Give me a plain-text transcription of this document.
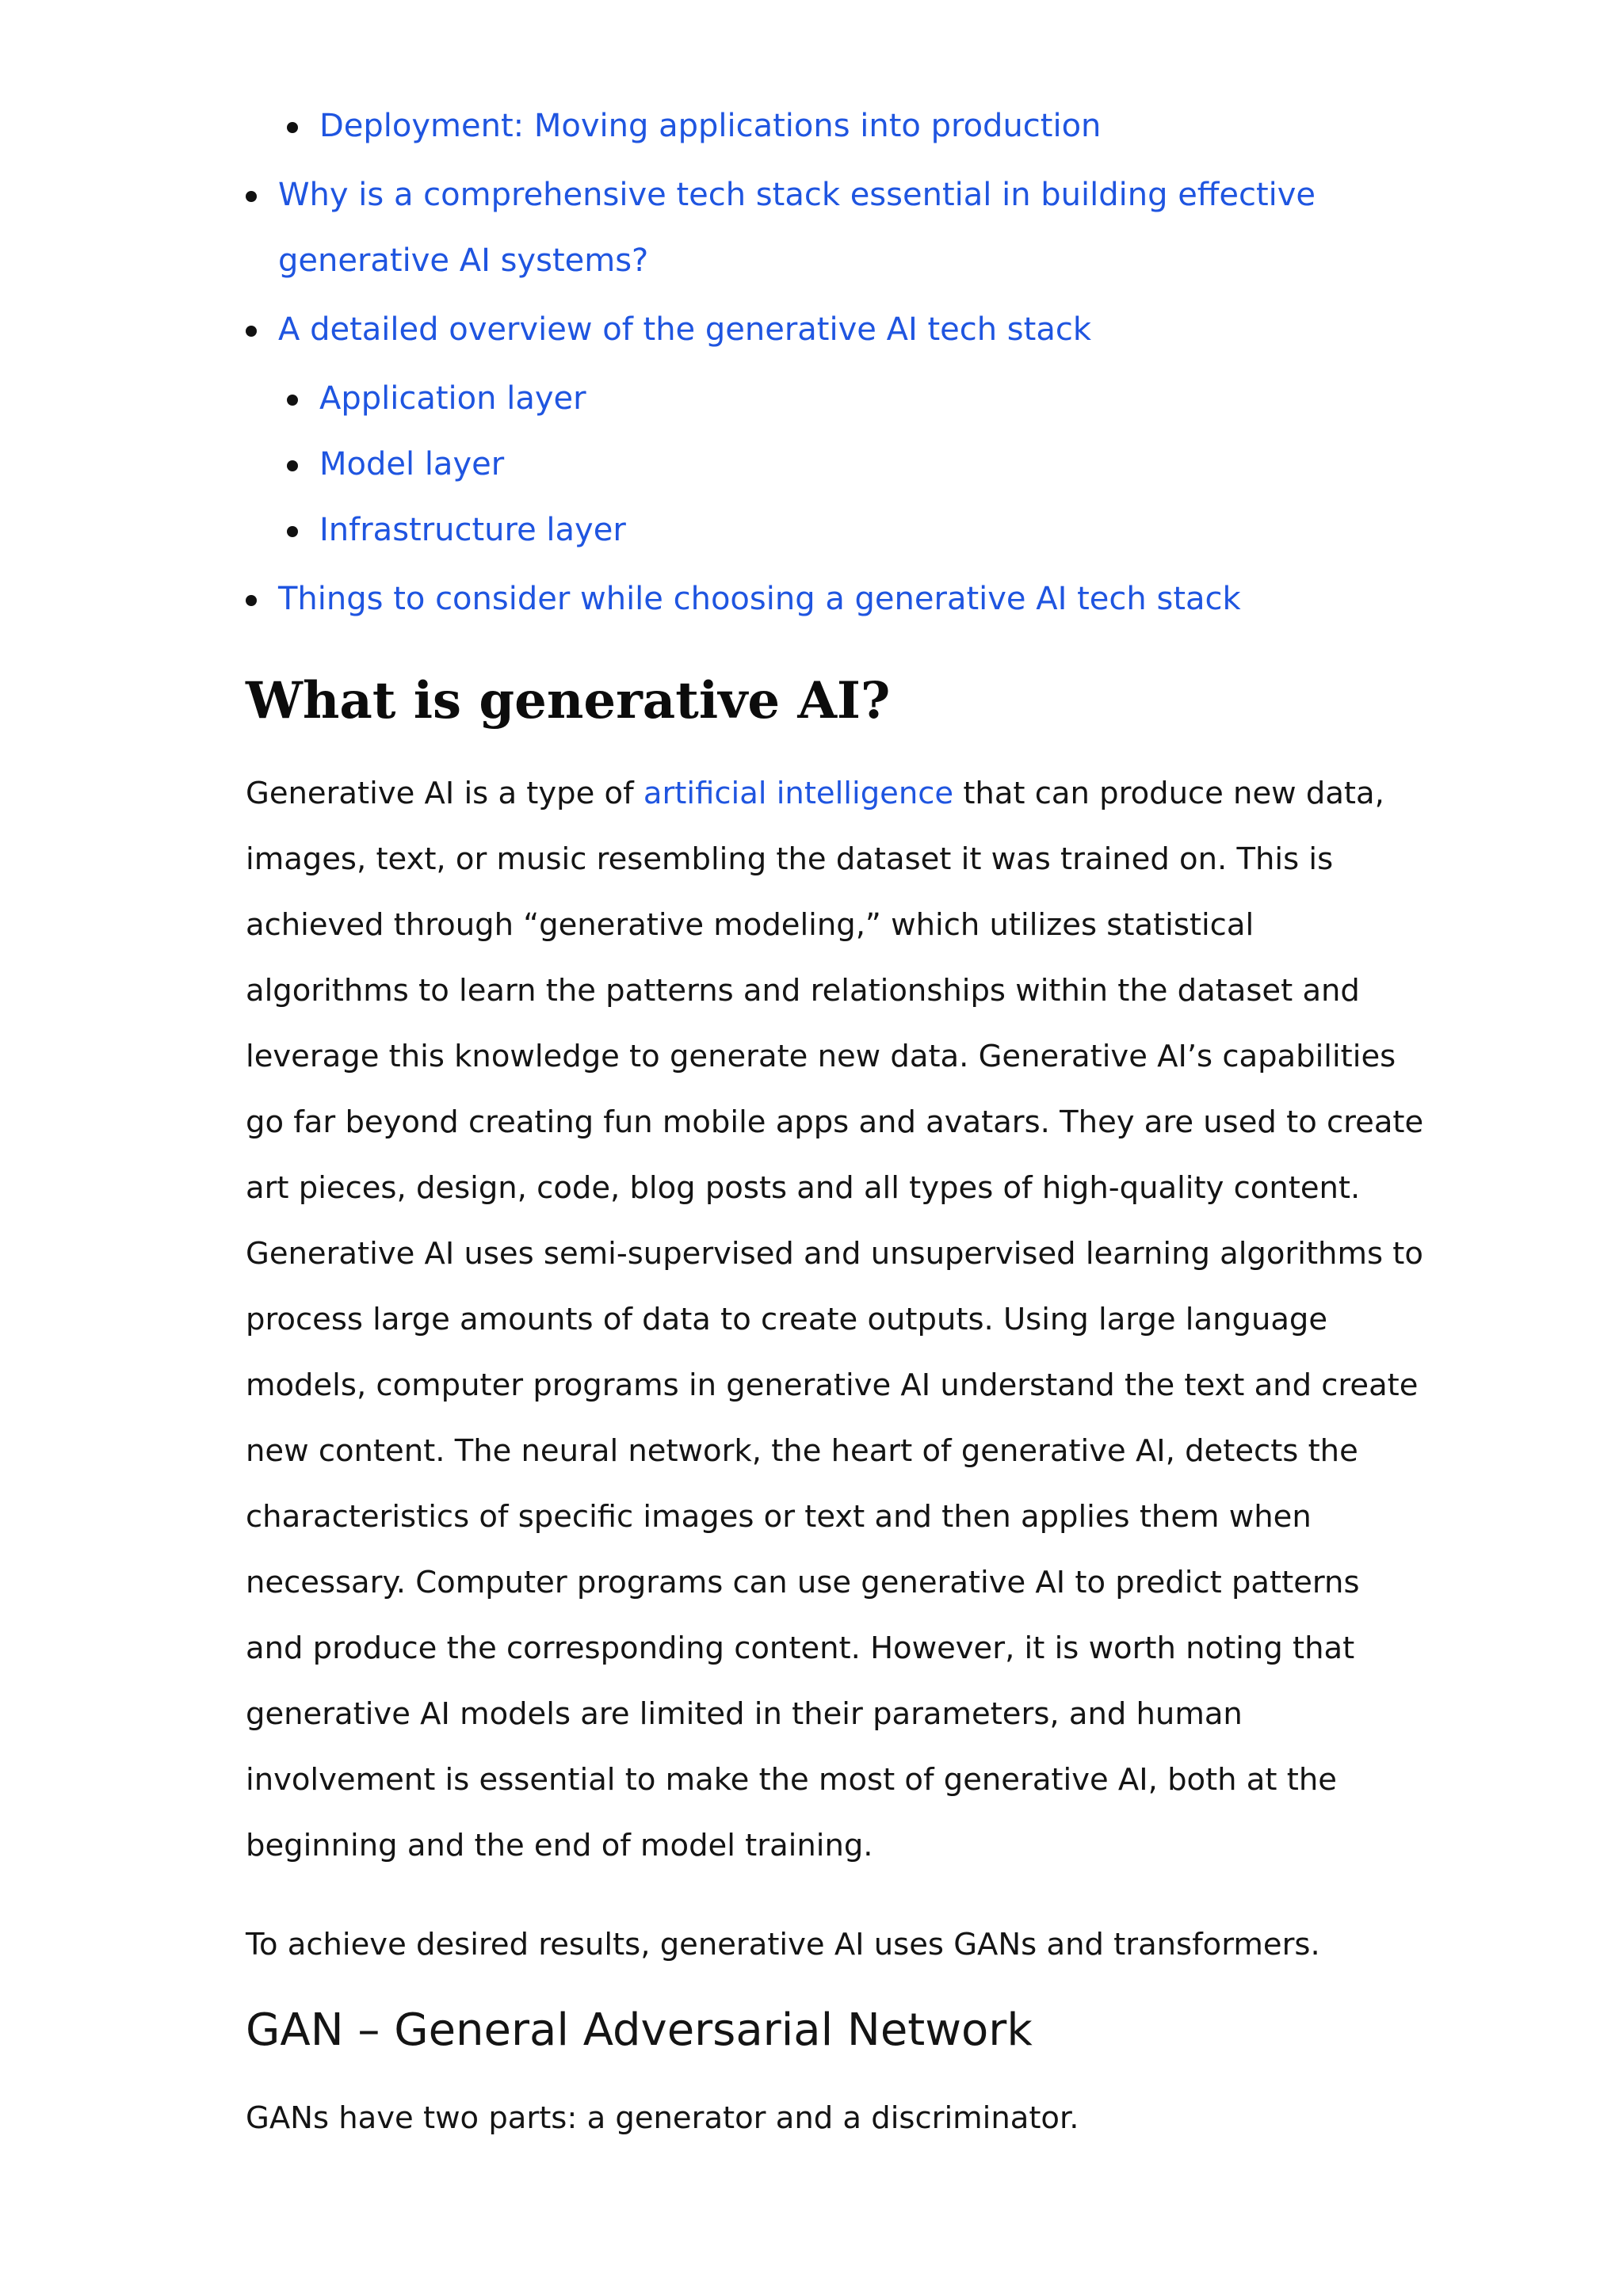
Deployment: Moving applications into production
Why is a comprehensive tech stack essential in building effective generative AI systems?
A detailed overview of the generative AI tech stack
Application layer
Model layer
Infrastructure layer
Things to consider while choosing a generative AI tech stack
What is generative AI?

Generative AI is a type of artificial intelligence that can produce new data, images, text, or music resembling the dataset it was trained on. This is achieved through “generative modeling,” which utilizes statistical algorithms to learn the patterns and relationships within the dataset and leverage this knowledge to generate new data. Generative AI’s capabilities go far beyond creating fun mobile apps and avatars. They are used to create art pieces, design, code, blog posts and all types of high-quality content. Generative AI uses semi-supervised and unsupervised learning algorithms to process large amounts of data to create outputs. Using large language models, computer programs in generative AI understand the text and create new content. The neural network, the heart of generative AI, detects the characteristics of specific images or text and then applies them when necessary. Computer programs can use generative AI to predict patterns and produce the corresponding content. However, it is worth noting that generative AI models are limited in their parameters, and human involvement is essential to make the most of generative AI, both at the beginning and the end of model training.

To achieve desired results, generative AI uses GANs and transformers.

GAN – General Adversarial Network

GANs have two parts: a generator and a discriminator.
